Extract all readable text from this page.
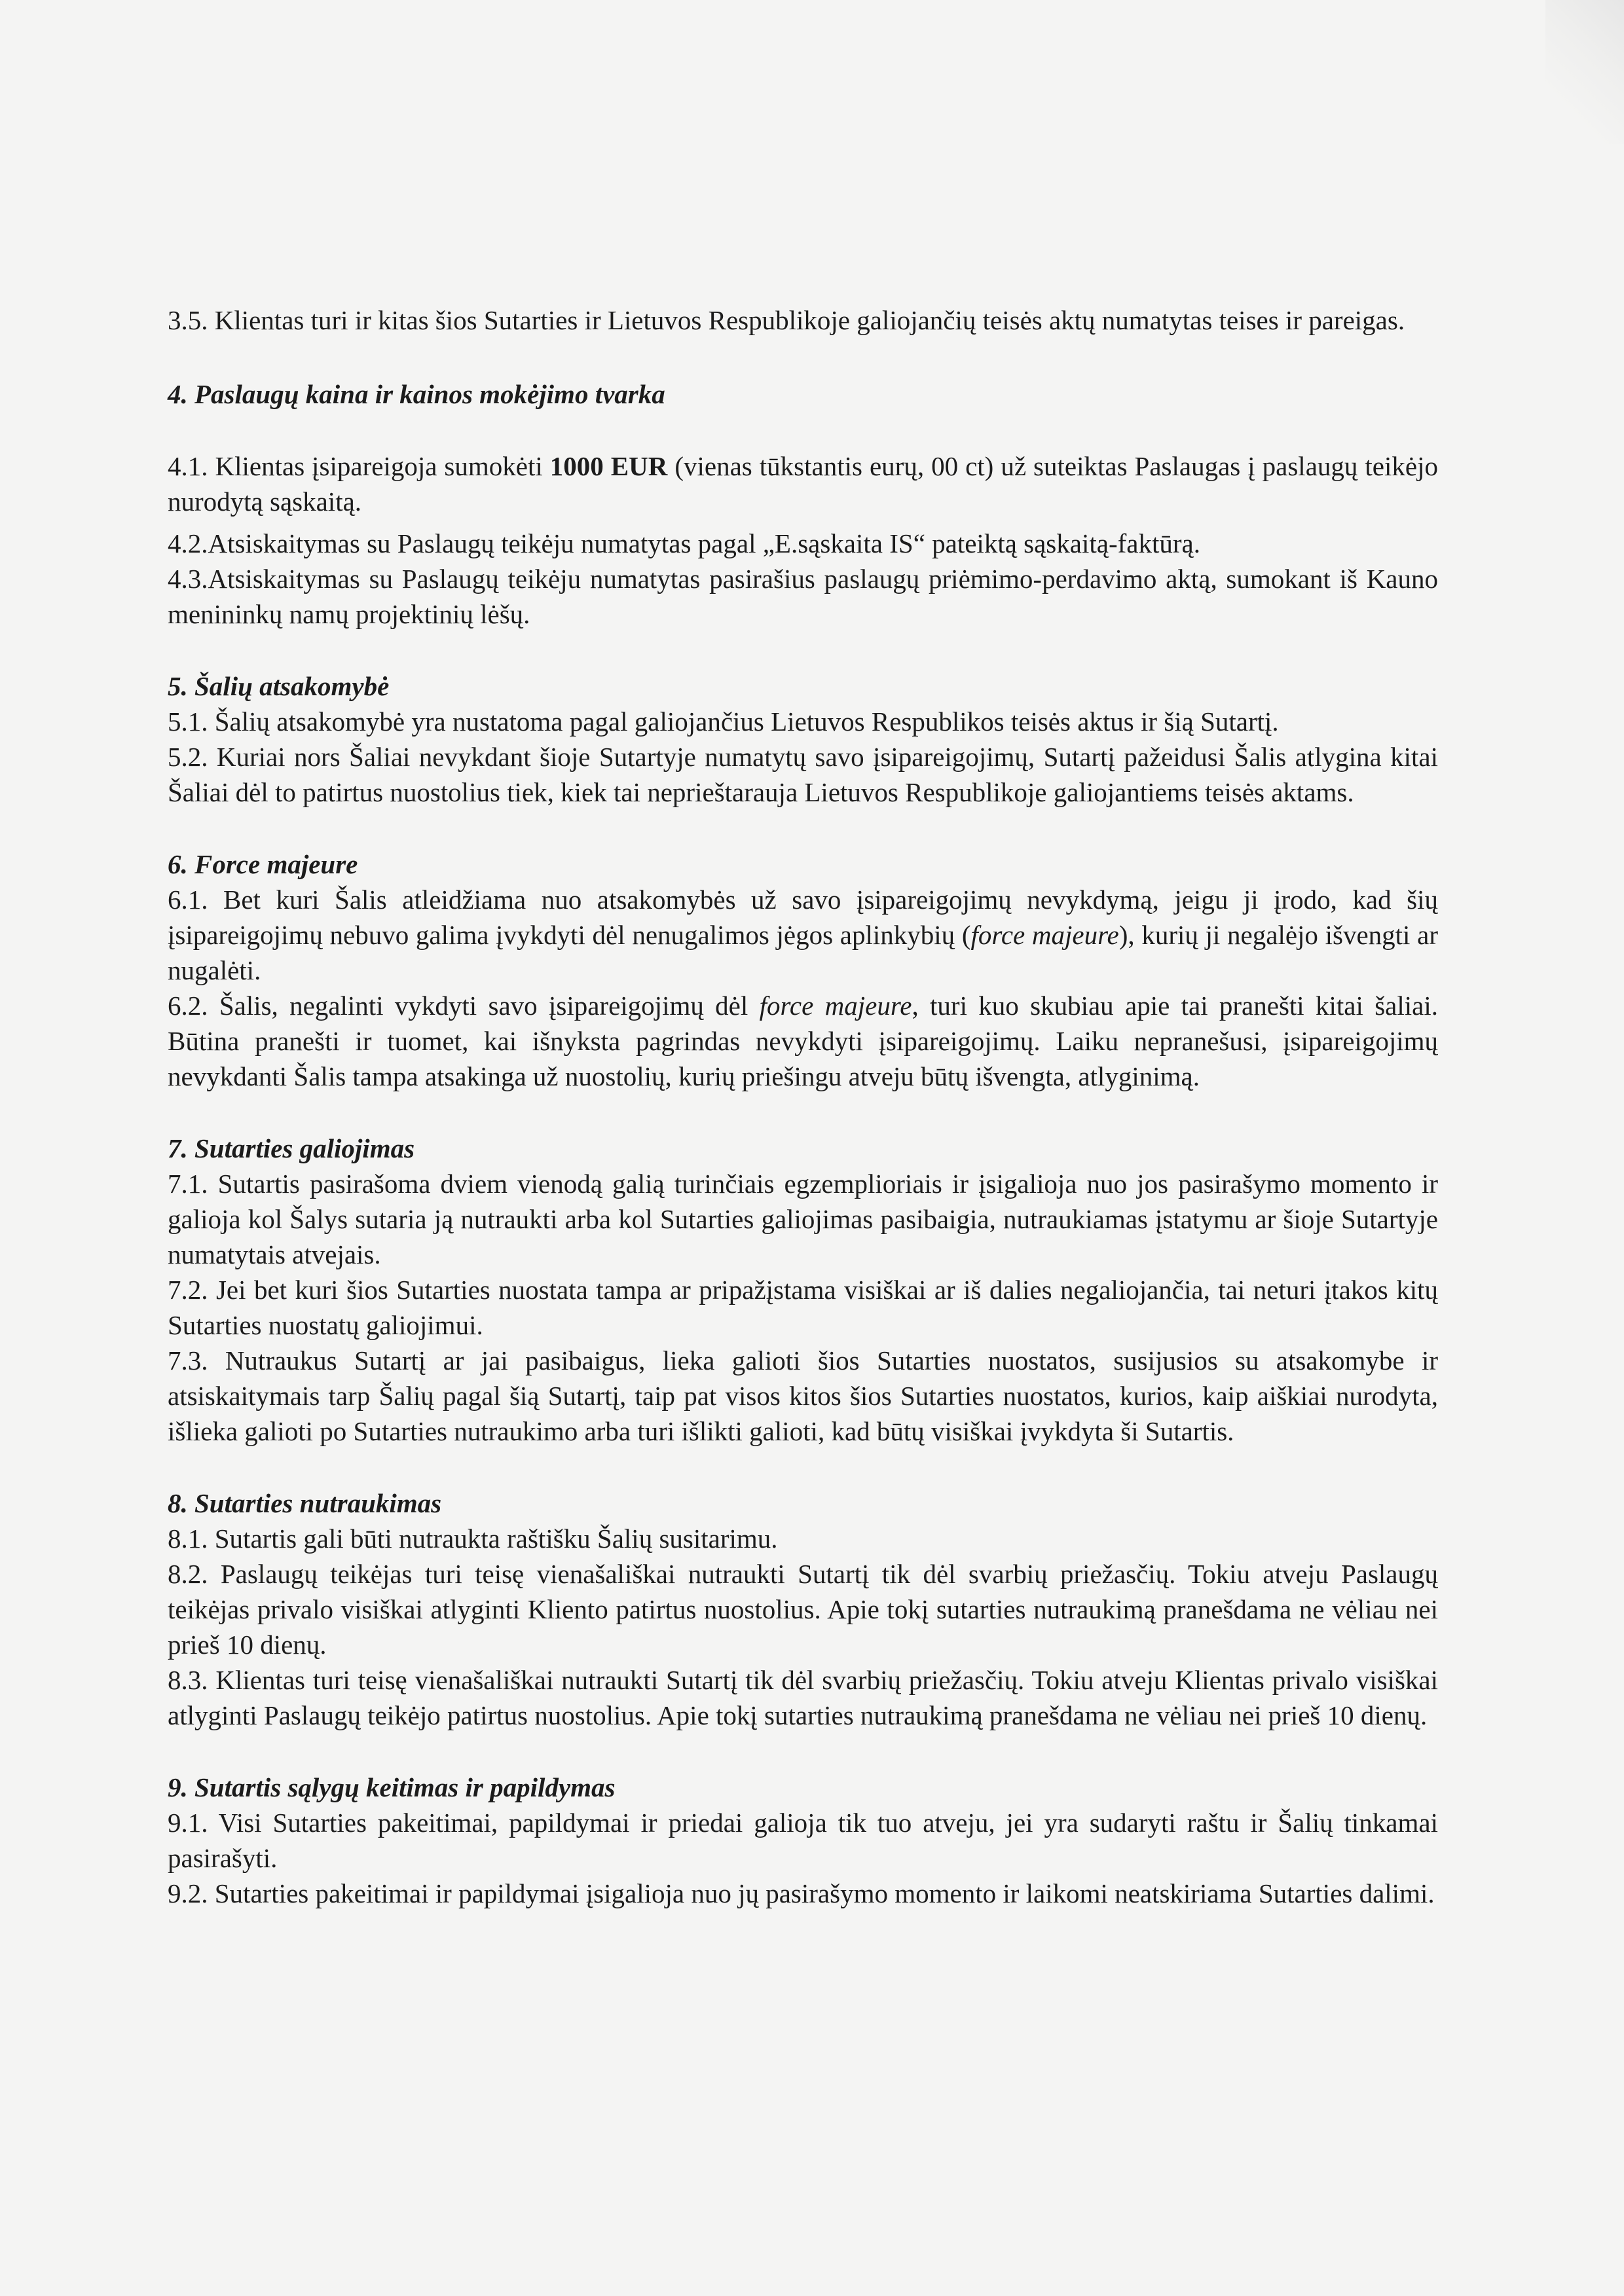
3.5. Klientas turi ir kitas šios Sutarties ir Lietuvos Respublikoje galiojančių teisės aktų numatytas teises ir pareigas.

4. Paslaugų kaina ir kainos mokėjimo tvarka

4.1. Klientas įsipareigoja sumokėti 1000 EUR (vienas tūkstantis eurų, 00 ct) už suteiktas Paslaugas į paslaugų teikėjo nurodytą sąskaitą.

4.2.Atsiskaitymas su Paslaugų teikėju numatytas pagal „E.sąskaita IS“ pateiktą sąskaitą-faktūrą.

4.3.Atsiskaitymas su Paslaugų teikėju numatytas pasirašius paslaugų priėmimo-perdavimo aktą, sumokant iš Kauno menininkų namų projektinių lėšų.

5. Šalių atsakomybė

5.1. Šalių atsakomybė yra nustatoma pagal galiojančius Lietuvos Respublikos teisės aktus ir šią Sutartį.

5.2. Kuriai nors Šaliai nevykdant šioje Sutartyje numatytų savo įsipareigojimų, Sutartį pažeidusi Šalis atlygina kitai Šaliai dėl to patirtus nuostolius tiek, kiek tai neprieštarauja Lietuvos Respublikoje galiojantiems teisės aktams.

6. Force majeure

6.1. Bet kuri Šalis atleidžiama nuo atsakomybės už savo įsipareigojimų nevykdymą, jeigu ji įrodo, kad šių įsipareigojimų nebuvo galima įvykdyti dėl nenugalimos jėgos aplinkybių (force majeure), kurių ji negalėjo išvengti ar nugalėti.

6.2. Šalis, negalinti vykdyti savo įsipareigojimų dėl force majeure, turi kuo skubiau apie tai pranešti kitai šaliai. Būtina pranešti ir tuomet, kai išnyksta pagrindas nevykdyti įsipareigojimų. Laiku nepranešusi, įsipareigojimų nevykdanti Šalis tampa atsakinga už nuostolių, kurių priešingu atveju būtų išvengta, atlyginimą.

7. Sutarties galiojimas

7.1. Sutartis pasirašoma dviem vienodą galią turinčiais egzemplioriais ir įsigalioja nuo jos pasirašymo momento ir galioja kol Šalys sutaria ją nutraukti arba kol Sutarties galiojimas pasibaigia, nutraukiamas įstatymu ar šioje Sutartyje numatytais atvejais.

7.2. Jei bet kuri šios Sutarties nuostata tampa ar pripažįstama visiškai ar iš dalies negaliojančia, tai neturi įtakos kitų Sutarties nuostatų galiojimui.

7.3. Nutraukus Sutartį ar jai pasibaigus, lieka galioti šios Sutarties nuostatos, susijusios su atsakomybe ir atsiskaitymais tarp Šalių pagal šią Sutartį, taip pat visos kitos šios Sutarties nuostatos, kurios, kaip aiškiai nurodyta, išlieka galioti po Sutarties nutraukimo arba turi išlikti galioti, kad būtų visiškai įvykdyta ši Sutartis.

8. Sutarties nutraukimas

8.1. Sutartis gali būti nutraukta raštišku Šalių susitarimu.

8.2. Paslaugų teikėjas turi teisę vienašališkai nutraukti Sutartį tik dėl svarbių priežasčių. Tokiu atveju Paslaugų teikėjas privalo visiškai atlyginti Kliento patirtus nuostolius. Apie tokį sutarties nutraukimą pranešdama ne vėliau nei prieš 10 dienų.

8.3. Klientas turi teisę vienašališkai nutraukti Sutartį tik dėl svarbių priežasčių. Tokiu atveju Klientas privalo visiškai atlyginti Paslaugų teikėjo patirtus nuostolius. Apie tokį sutarties nutraukimą pranešdama ne vėliau nei prieš 10 dienų.

9. Sutartis sąlygų keitimas ir papildymas

9.1. Visi Sutarties pakeitimai, papildymai ir priedai galioja tik tuo atveju, jei yra sudaryti raštu ir Šalių tinkamai pasirašyti.

9.2. Sutarties pakeitimai ir papildymai įsigalioja nuo jų pasirašymo momento ir laikomi neatskiriama Sutarties dalimi.
